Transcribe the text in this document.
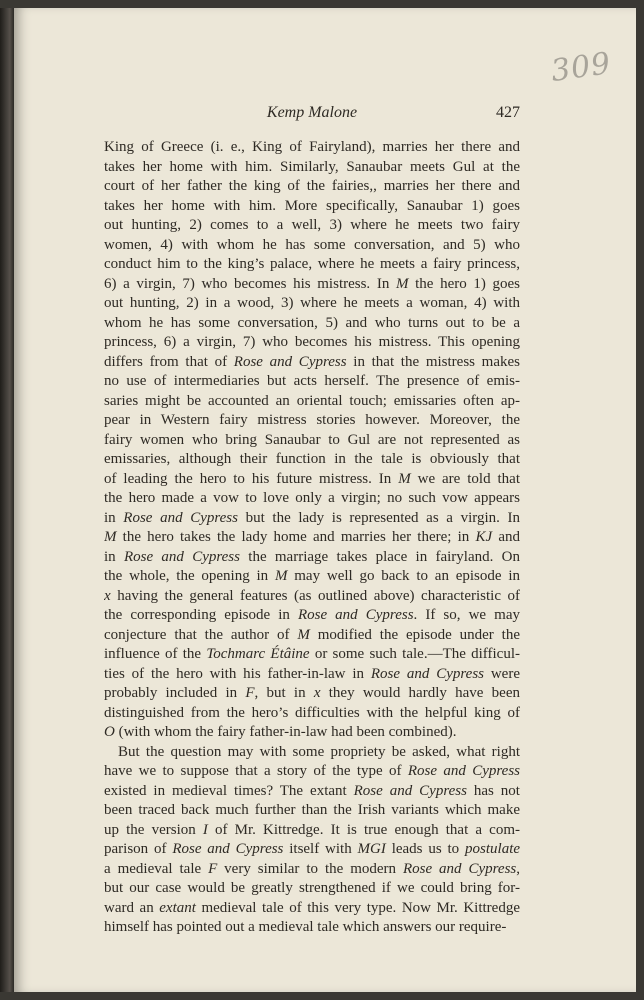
309
Kemp Malone	427
King of Greece (i. e., King of Fairyland), marries her there and
takes her home with him. Similarly, Sanaubar meets Gul at the
court of her father the king of the fairies,, marries her there and
takes her home with him. More specifically, Sanaubar 1) goes
out hunting, 2) comes to a well, 3) where he meets two fairy
women, 4) with whom he has some conversation, and 5) who
conduct him to the king’s palace, where he meets a fairy princess,
6) a virgin, 7) who becomes his mistress. In M the hero 1) goes
out hunting, 2) in a wood, 3) where he meets a woman, 4) with
whom he has some conversation, 5) and who turns out to be a
princess, 6) a virgin, 7) who becomes his mistress. This opening
differs from that of Rose and Cypress in that the mistress makes
no use of intermediaries but acts herself. The presence of emis-
saries might be accounted an oriental touch; emissaries often ap-
pear in Western fairy mistress stories however. Moreover, the
fairy women who bring Sanaubar to Gul are not represented as
emissaries, although their function in the tale is obviously that
of leading the hero to his future mistress. In M we are told that
the hero made a vow to love only a virgin; no such vow appears
in Rose and Cypress but the lady is represented as a virgin. In
M the hero takes the lady home and marries her there; in KJ and
in Rose and Cypress the marriage takes place in fairyland. On
the whole, the opening in M may well go back to an episode in
x having the general features (as outlined above) characteristic of
the corresponding episode in Rose and Cypress. If so, we may
conjecture that the author of M modified the episode under the
influence of the Tochmarc Étâine or some such tale.—The difficul-
ties of the hero with his father-in-law in Rose and Cypress were
probably included in F, but in x they would hardly have been
distinguished from the hero’s difficulties with the helpful king of
O (with whom the fairy father-in-law had been combined).
But the question may with some propriety be asked, what right
have we to suppose that a story of the type of Rose and Cypress
existed in medieval times? The extant Rose and Cypress has not
been traced back much further than the Irish variants which make
up the version I of Mr. Kittredge. It is true enough that a com-
parison of Rose and Cypress itself with MGI leads us to postulate
a medieval tale F very similar to the modern Rose and Cypress,
but our case would be greatly strengthened if we could bring for-
ward an extant medieval tale of this very type. Now Mr. Kittredge
himself has pointed out a medieval tale which answers our require-
